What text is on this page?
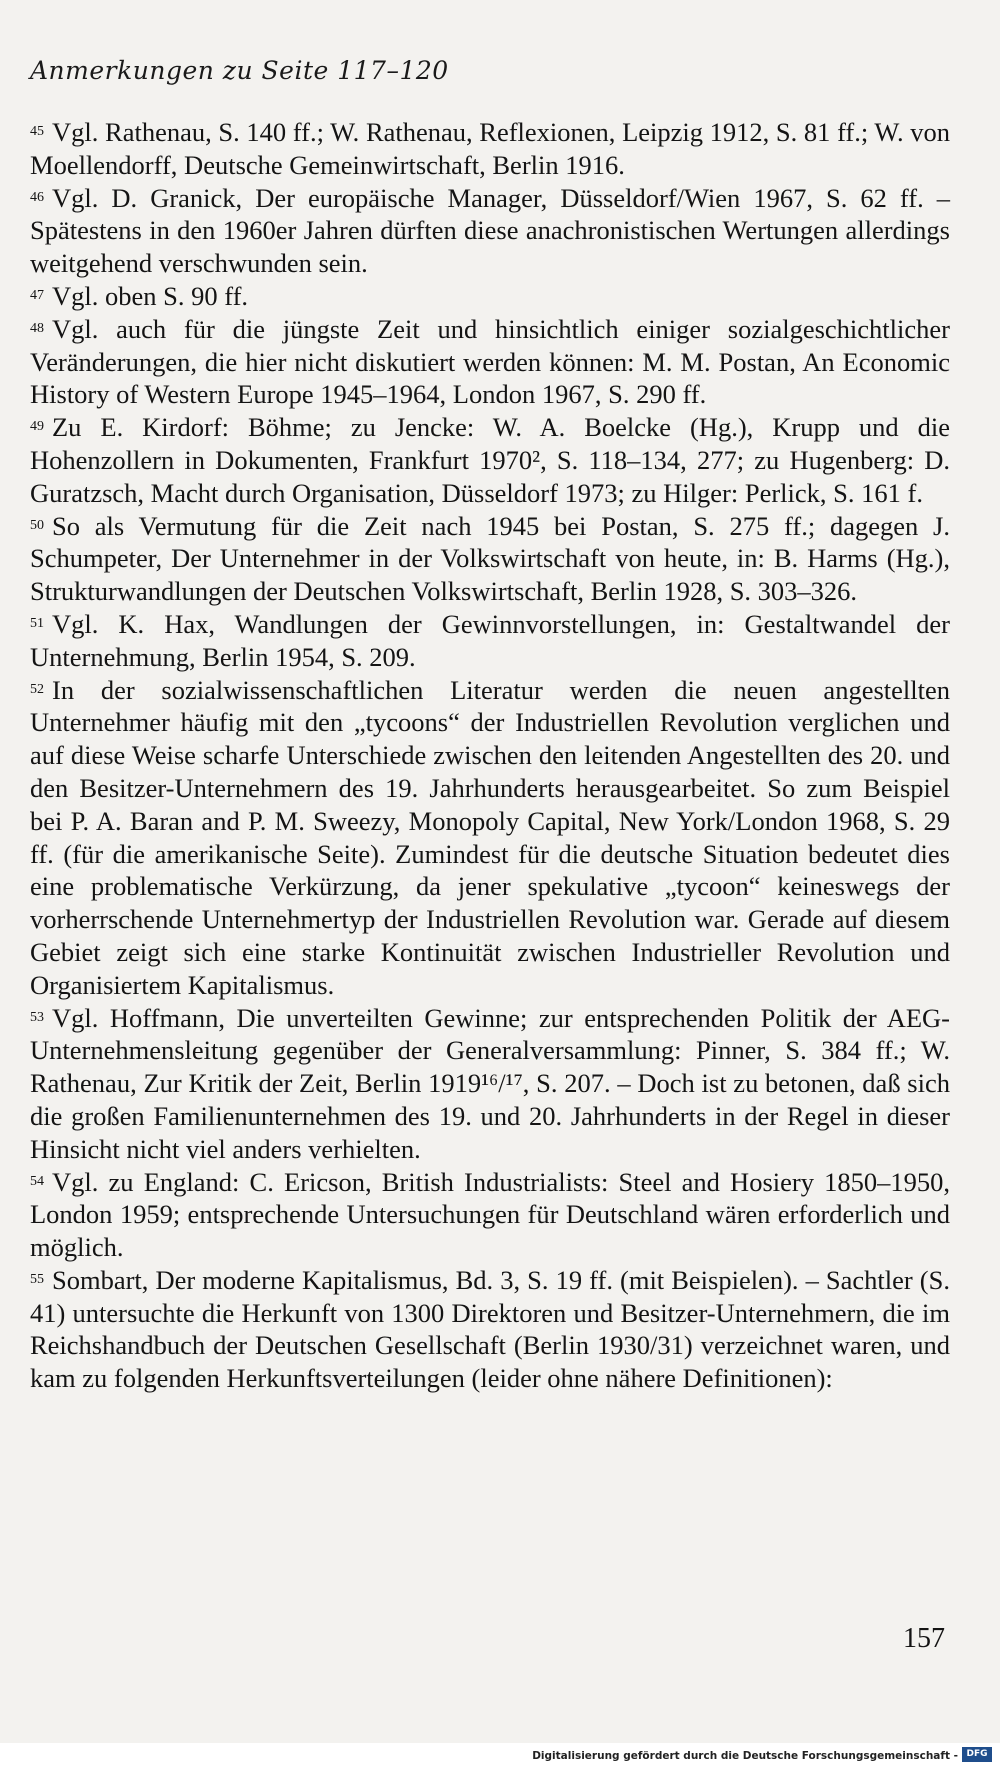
Anmerkungen zu Seite 117–120

$^{45}$ Vgl. Rathenau, S. 140 ff.; W. Rathenau, Reflexionen, Leipzig 1912, S. 81 ff.; W. von Moellendorff, Deutsche Gemeinwirtschaft, Berlin 1916.

$^{46}$ Vgl. D. Granick, Der europäische Manager, Düsseldorf/Wien 1967, S. 62 ff. – Spätestens in den 1960er Jahren dürften diese anachronistischen Wertungen allerdings weitgehend verschwunden sein.

$^{47}$ Vgl. oben S. 90 ff.

$^{48}$ Vgl. auch für die jüngste Zeit und hinsichtlich einiger sozialgeschichtlicher Veränderungen, die hier nicht diskutiert werden können: M. M. Postan, An Economic History of Western Europe 1945–1964, London 1967, S. 290 ff.

$^{49}$ Zu E. Kirdorf: Böhme; zu Jencke: W. A. Boelcke (Hg.), Krupp und die Hohenzollern in Dokumenten, Frankfurt 1970², S. 118–134, 277; zu Hugenberg: D. Guratzsch, Macht durch Organisation, Düsseldorf 1973; zu Hilger: Perlick, S. 161 f.

$^{50}$ So als Vermutung für die Zeit nach 1945 bei Postan, S. 275 ff.; dagegen J. Schumpeter, Der Unternehmer in der Volkswirtschaft von heute, in: B. Harms (Hg.), Strukturwandlungen der Deutschen Volkswirtschaft, Berlin 1928, S. 303–326.

$^{51}$ Vgl. K. Hax, Wandlungen der Gewinnvorstellungen, in: Gestaltwandel der Unternehmung, Berlin 1954, S. 209.

$^{52}$ In der sozialwissenschaftlichen Literatur werden die neuen angestellten Unternehmer häufig mit den „tycoons“ der Industriellen Revolution verglichen und auf diese Weise scharfe Unterschiede zwischen den leitenden Angestellten des 20. und den Besitzer-Unternehmern des 19. Jahrhunderts herausgearbeitet. So zum Beispiel bei P. A. Baran and P. M. Sweezy, Monopoly Capital, New York/London 1968, S. 29 ff. (für die amerikanische Seite). Zumindest für die deutsche Situation bedeutet dies eine problematische Verkürzung, da jener spekulative „tycoon“ keineswegs der vorherrschende Unternehmertyp der Industriellen Revolution war. Gerade auf diesem Gebiet zeigt sich eine starke Kontinuität zwischen Industrieller Revolution und Organisiertem Kapitalismus.

$^{53}$ Vgl. Hoffmann, Die unverteilten Gewinne; zur entsprechenden Politik der AEG-Unternehmensleitung gegenüber der Generalversammlung: Pinner, S. 384 ff.; W. Rathenau, Zur Kritik der Zeit, Berlin 1919¹⁶/¹⁷, S. 207. – Doch ist zu betonen, daß sich die großen Familienunternehmen des 19. und 20. Jahrhunderts in der Regel in dieser Hinsicht nicht viel anders verhielten.

$^{54}$ Vgl. zu England: C. Ericson, British Industrialists: Steel and Hosiery 1850–1950, London 1959; entsprechende Untersuchungen für Deutschland wären erforderlich und möglich.

$^{55}$ Sombart, Der moderne Kapitalismus, Bd. 3, S. 19 ff. (mit Beispielen). – Sachtler (S. 41) untersuchte die Herkunft von 1300 Direktoren und Besitzer-Unternehmern, die im Reichshandbuch der Deutschen Gesellschaft (Berlin 1930/31) verzeichnet waren, und kam zu folgenden Herkunftsverteilungen (leider ohne nähere Definitionen):

157
Digitalisierung gefördert durch die Deutsche Forschungsgemeinschaft - DFG
